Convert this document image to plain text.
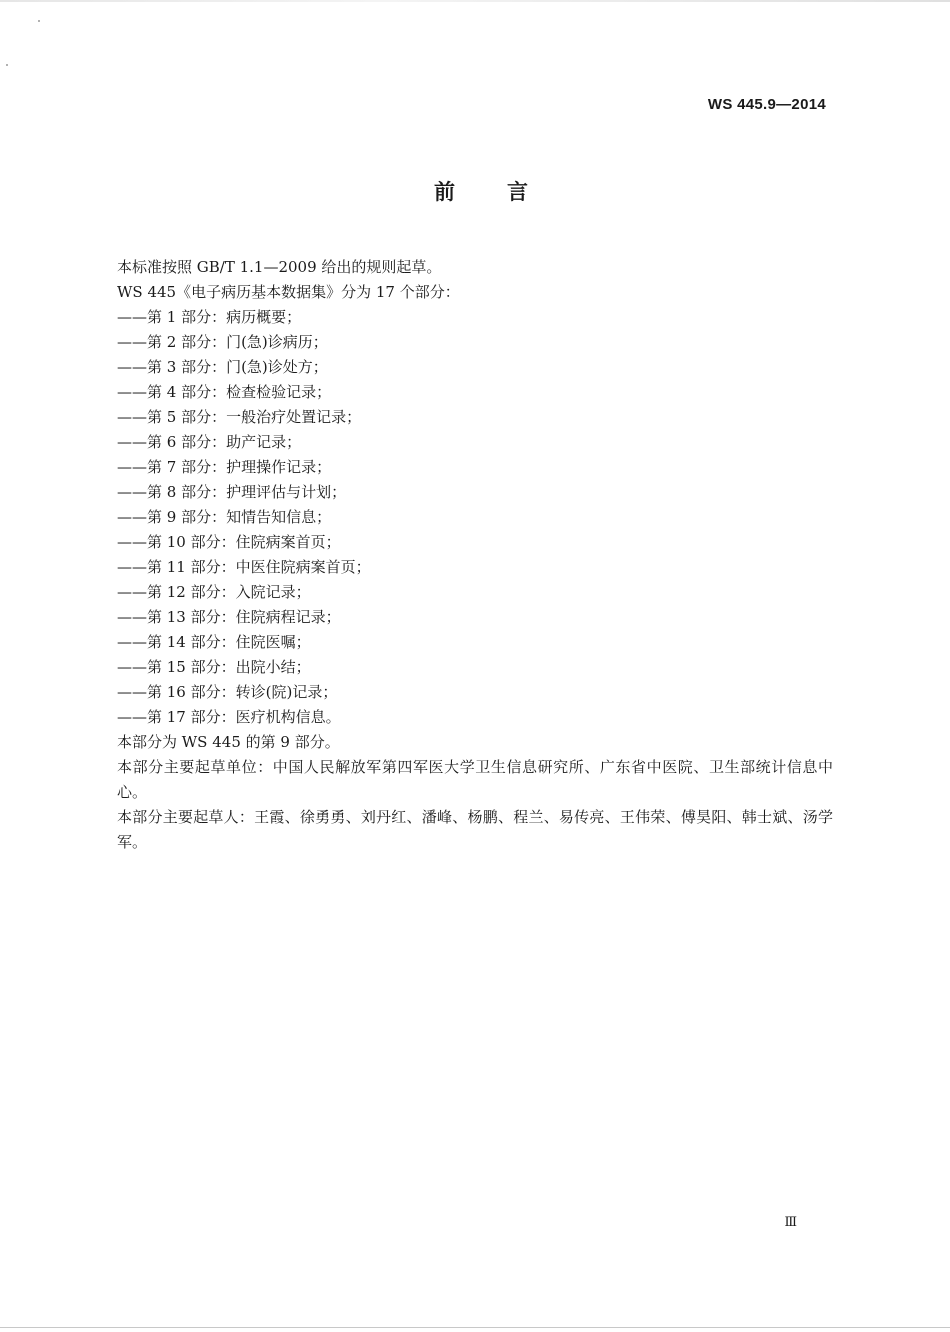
WS 445.9—2014
前言

本标准按照 GB/T 1.1—2009 给出的规则起草。

WS 445《电子病历基本数据集》分为 17 个部分：

——第 1 部分：病历概要；

——第 2 部分：门(急)诊病历；

——第 3 部分：门(急)诊处方；

——第 4 部分：检查检验记录；

——第 5 部分：一般治疗处置记录；

——第 6 部分：助产记录；

——第 7 部分：护理操作记录；

——第 8 部分：护理评估与计划；

——第 9 部分：知情告知信息；

——第 10 部分：住院病案首页；

——第 11 部分：中医住院病案首页；

——第 12 部分：入院记录；

——第 13 部分：住院病程记录；

——第 14 部分：住院医嘱；

——第 15 部分：出院小结；

——第 16 部分：转诊(院)记录；

——第 17 部分：医疗机构信息。

本部分为 WS 445 的第 9 部分。

本部分主要起草单位：中国人民解放军第四军医大学卫生信息研究所、广东省中医院、卫生部统计信息中心。

本部分主要起草人：王霞、徐勇勇、刘丹红、潘峰、杨鹏、程兰、易传亮、王伟荣、傅昊阳、韩士斌、汤学军。

Ⅲ
